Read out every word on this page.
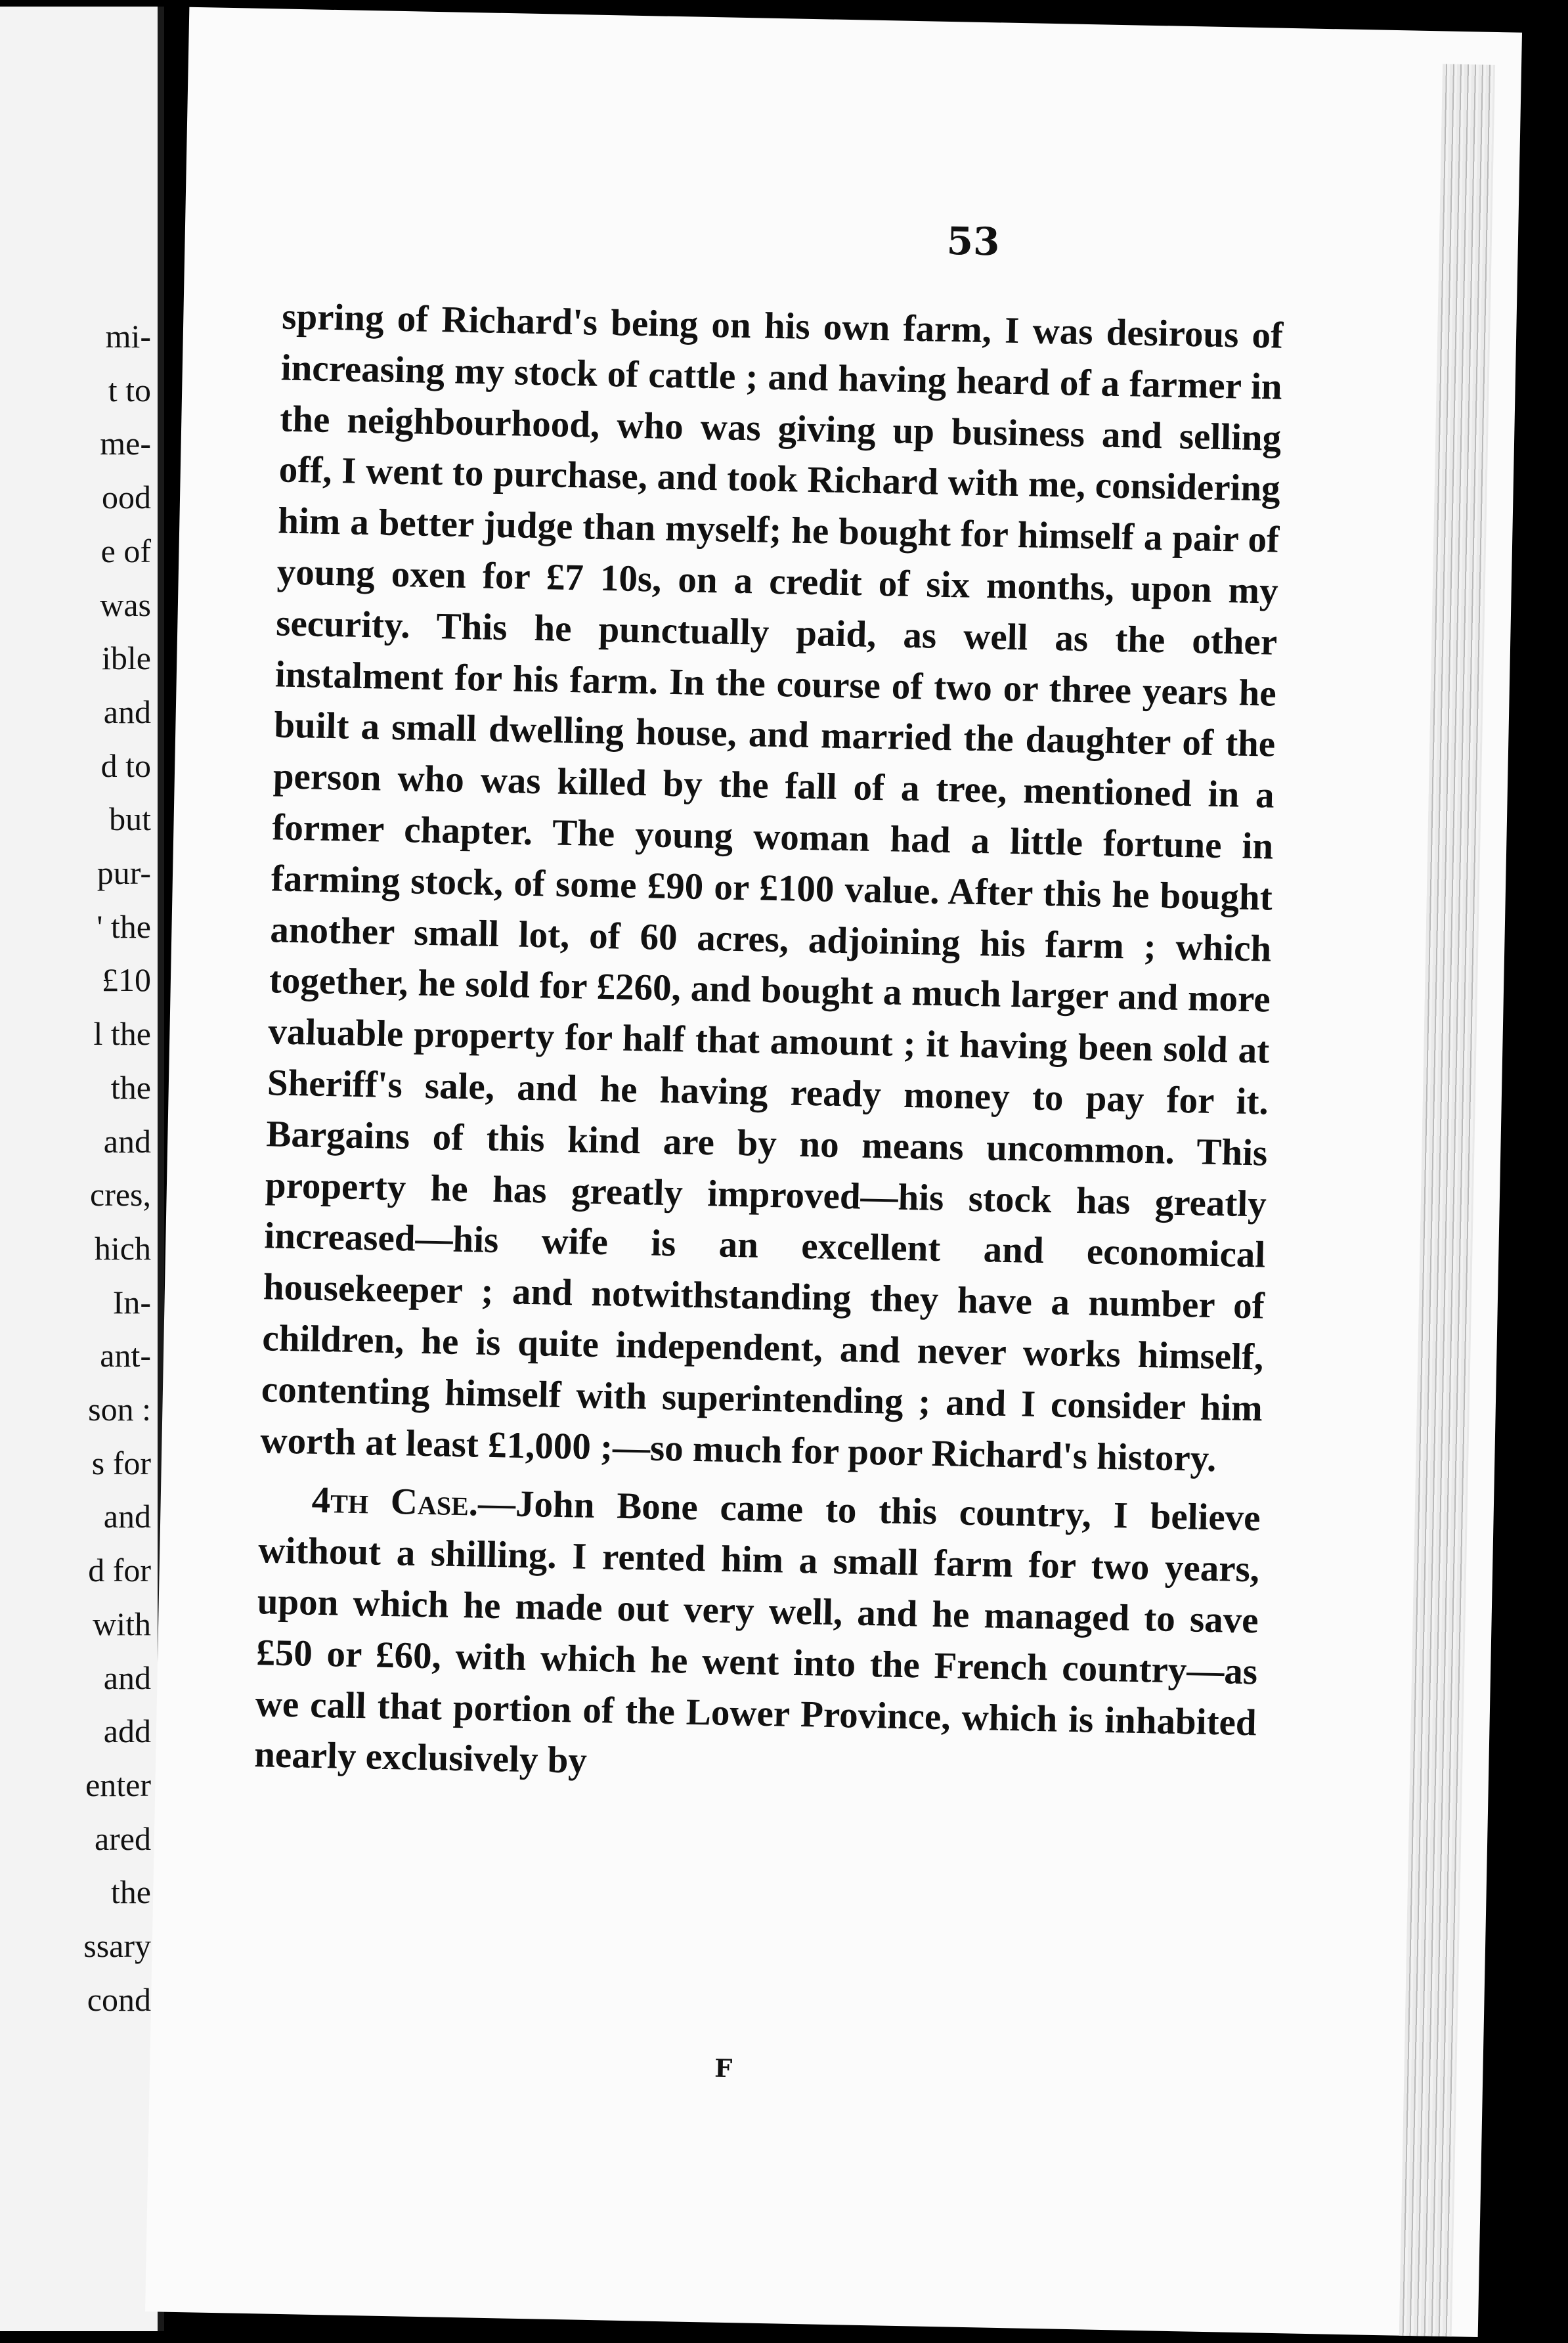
mi-
t to
me-
ood
e of
was
ible
and
d to
but
pur-
' the
£10
l the
the
and
cres,
hich
In-
ant-
son :
s for
and
d for
with
and
add
enter
ared
the
ssary
cond
53

spring of Richard's being on his own farm, I was desirous of increasing my stock of cattle ; and having heard of a farmer in the neighbourhood, who was giving up business and selling off, I went to purchase, and took Richard with me, considering him a better judge than myself; he bought for himself a pair of young oxen for £7 10s, on a credit of six months, upon my security. This he punctually paid, as well as the other instalment for his farm. In the course of two or three years he built a small dwelling house, and married the daughter of the person who was killed by the fall of a tree, mentioned in a former chapter. The young woman had a little fortune in farming stock, of some £90 or £100 value. After this he bought another small lot, of 60 acres, adjoining his farm ; which together, he sold for £260, and bought a much larger and more valuable property for half that amount ; it having been sold at Sheriff's sale, and he having ready money to pay for it. Bargains of this kind are by no means uncommon. This property he has greatly improved—his stock has greatly increased—his wife is an excellent and economical housekeeper ; and notwithstanding they have a number of children, he is quite independent, and never works himself, contenting himself with superintending ; and I consider him worth at least £1,000 ;—so much for poor Richard's history.

4th Case.—John Bone came to this country, I believe without a shilling. I rented him a small farm for two years, upon which he made out very well, and he managed to save £50 or £60, with which he went into the French country—as we call that portion of the Lower Province, which is inhabited nearly exclusively by

F
